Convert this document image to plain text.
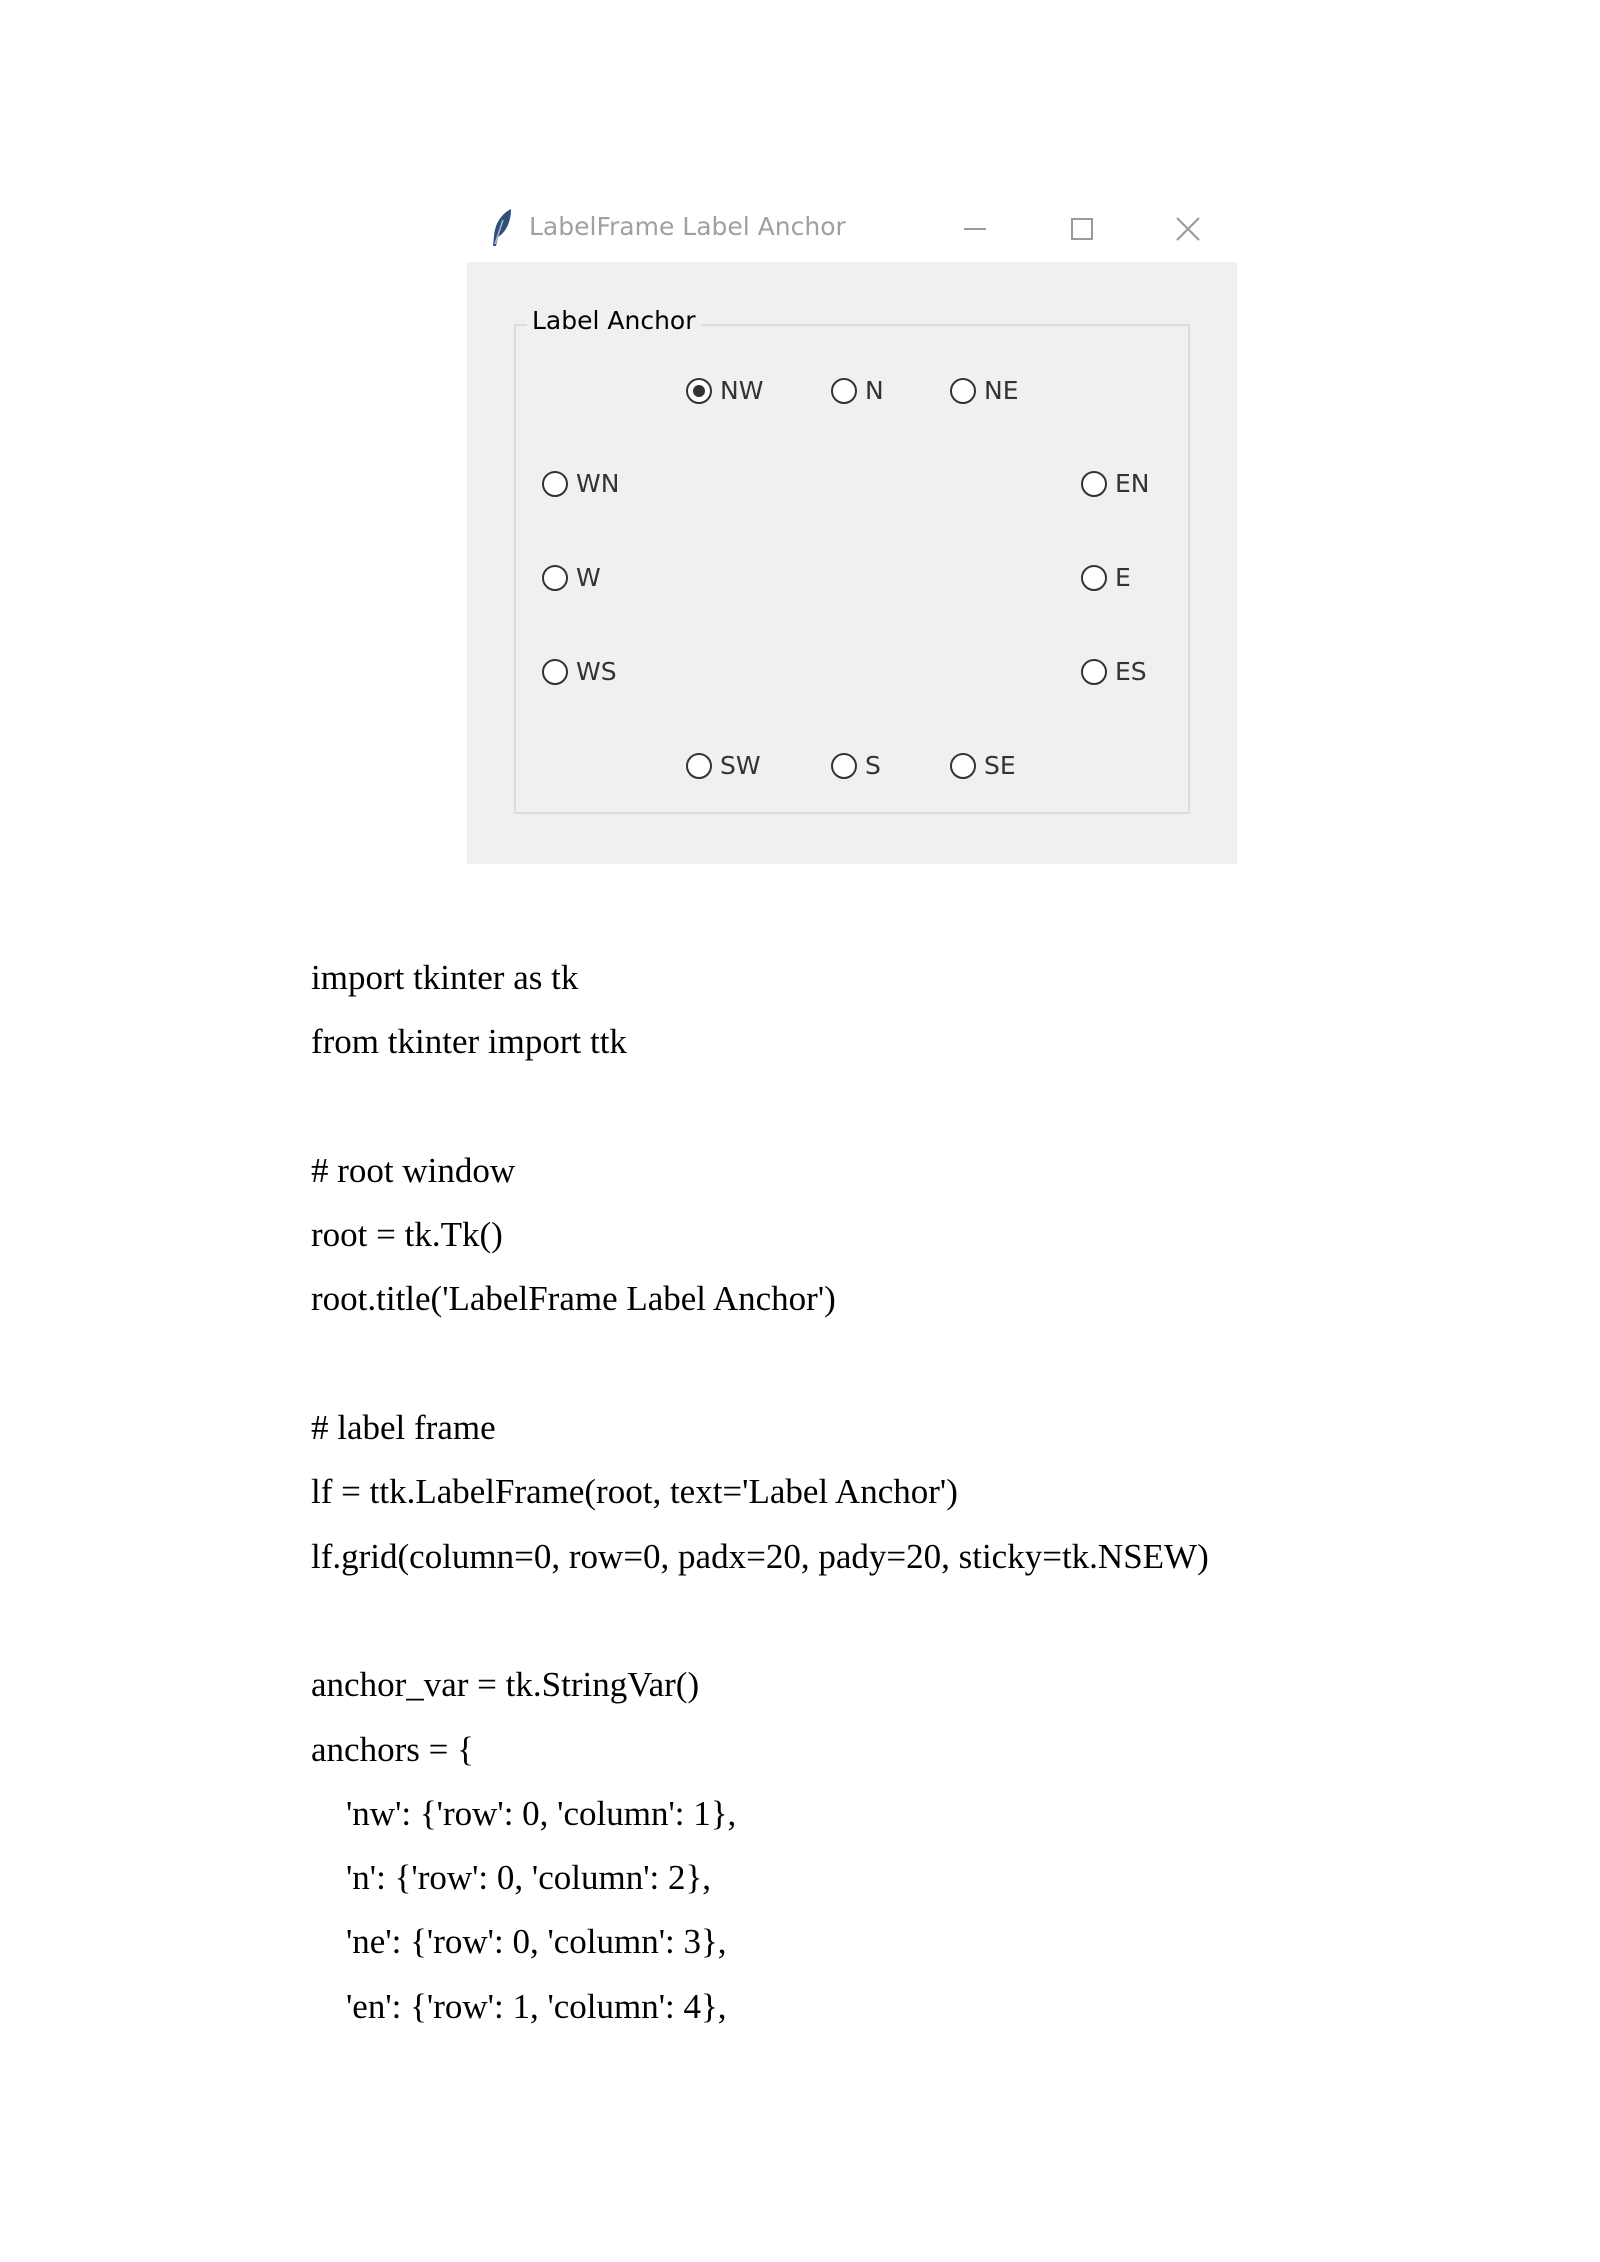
LabelFrame Label Anchor
Label Anchor
NW	N	NE
WN	EN
W	E
WS	ES
SW	S	SE
import tkinter as tk
from tkinter import ttk
# root window
root = tk.Tk()
root.title('LabelFrame Label Anchor')
# label frame
lf = ttk.LabelFrame(root, text='Label Anchor')
lf.grid(column=0, row=0, padx=20, pady=20, sticky=tk.NSEW)
anchor_var = tk.StringVar()
anchors = {
'nw': {'row': 0, 'column': 1},
'n': {'row': 0, 'column': 2},
'ne': {'row': 0, 'column': 3},
'en': {'row': 1, 'column': 4},
